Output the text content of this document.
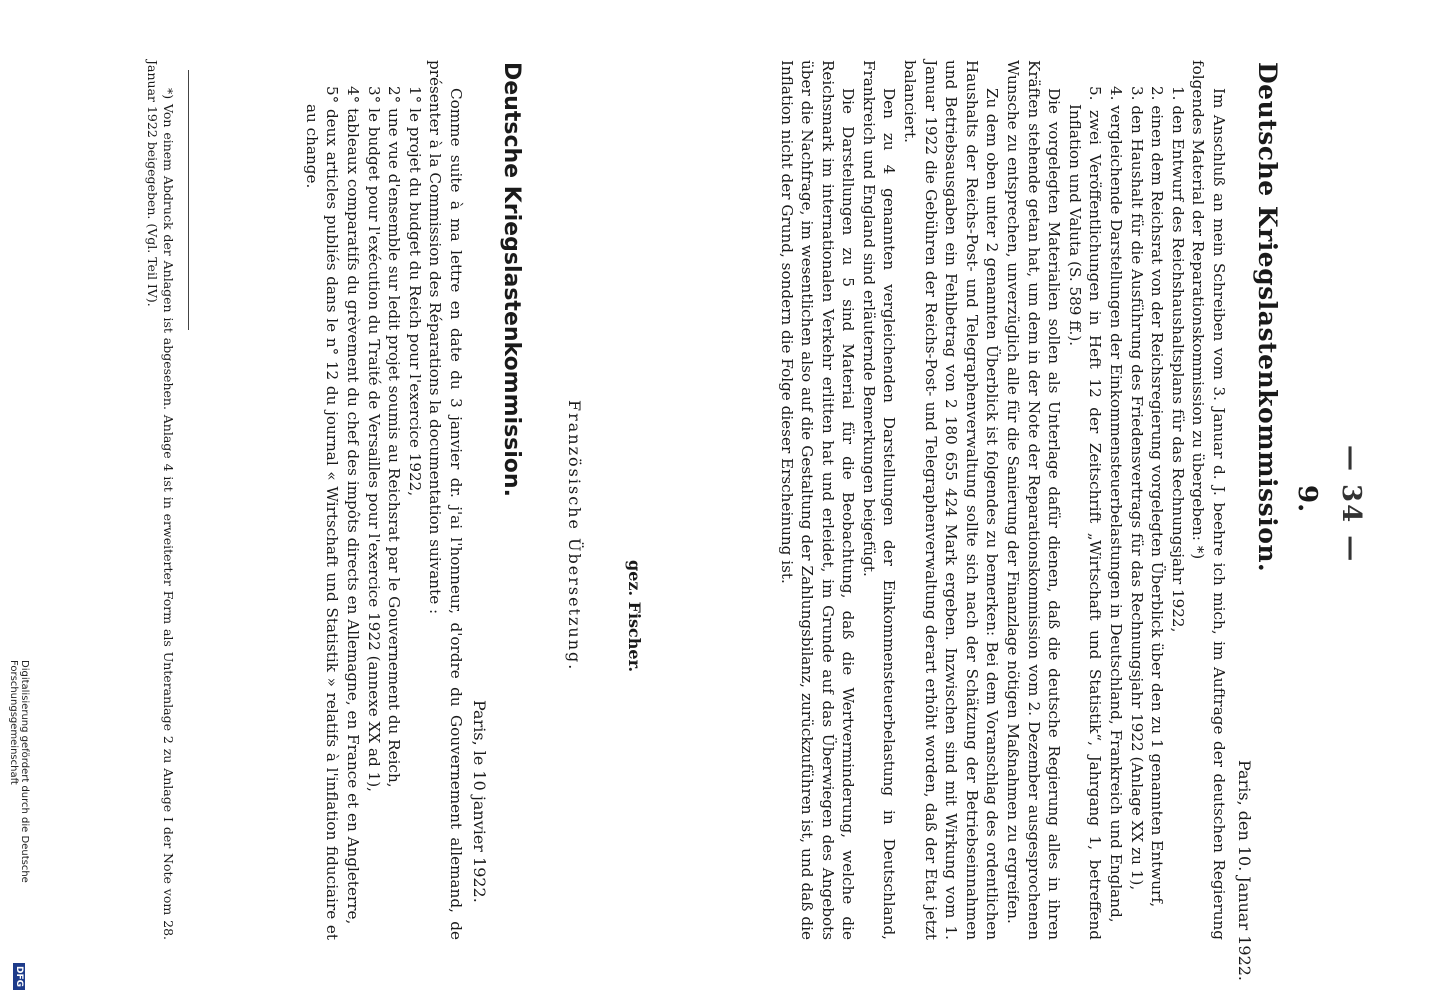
— 34 —
9.
Deutsche Kriegslastenkommission.
Paris, den 10. Januar 1922.

Im Anschluß an mein Schreiben vom 3. Januar d. J. beehre ich mich, im Auftrage der deutschen Regierung folgendes Material der Reparationskommission zu übergeben: *)

1. den Entwurf des Reichshaushaltsplans für das Rechnungsjahr 1922,
2. einen dem Reichsrat von der Reichsregierung vorgelegten Überblick über den zu 1 genannten Entwurf,
3. den Haushalt für die Ausführung des Friedensvertrags für das Rechnungsjahr 1922 (Anlage XX zu 1),
4. vergleichende Darstellungen der Einkommensteuerbelastungen in Deutschland, Frankreich und England,
5. zwei Veröffentlichungen in Heft 12 der Zeitschrift „Wirtschaft und Statistik“, Jahrgang 1, betreffend Inflation und Valuta (S. 589 ff.).

Die vorgelegten Materialien sollen als Unterlage dafür dienen, daß die deutsche Regierung alles in ihren Kräften stehende getan hat, um dem in der Note der Reparationskommission vom 2. Dezember ausgesprochenen Wunsche zu entsprechen, unverzüglich alle für die Sanierung der Finanzlage nötigen Maßnahmen zu ergreifen.

Zu dem oben unter 2 genannten Überblick ist folgendes zu bemerken: Bei dem Voranschlag des ordentlichen Haushalts der Reichs-Post- und Telegraphenverwaltung sollte sich nach der Schätzung der Betriebseinnahmen und Betriebsausgaben ein Fehlbetrag von 2 180 655 424 Mark ergeben. Inzwischen sind mit Wirkung vom 1. Januar 1922 die Gebühren der Reichs-Post- und Telegraphenverwaltung derart erhöht worden, daß der Etat jetzt balanciert.

Den zu 4 genannten vergleichenden Darstellungen der Einkommensteuerbelastung in Deutschland, Frankreich und England sind erläuternde Bemerkungen beigefügt.

Die Darstellungen zu 5 sind Material für die Beobachtung, daß die Wertverminderung, welche die Reichsmark im internationalen Verkehr erlitten hat und erleidet, im Grunde auf das Überwiegen des Angebots über die Nachfrage, im wesentlichen also auf die Gestaltung der Zahlungsbilanz, zurückzuführen ist, und daß die Inflation nicht der Grund, sondern die Folge dieser Erscheinung ist.

gez. Fischer.
Französische Übersetzung.
Deutsche Kriegslastenkommission.
Paris, le 10 janvier 1922.

Comme suite à ma lettre en date du 3 janvier dr. j'ai l'honneur, d'ordre du Gouvernement allemand, de présenter à la Commission des Réparations la documentation suivante :

1° le projet du budget du Reich pour l'exercice 1922,
2° une vue d'ensemble sur ledit projet soumis au Reichsrat par le Gouvernement du Reich,
3° le budget pour l'exécution du Traité de Versailles pour l'exercice 1922 (annexe XX ad 1),
4° tableaux comparatifs du grèvement du chef des impôts directs en Allemagne, en France et en Angleterre,
5° deux articles publiés dans le n° 12 du journal « Wirtschaft und Statistik » relatifs à l'inflation fiduciaire et au change.

*) Von einem Abdruck der Anlagen ist abgesehen. Anlage 4 ist in erweiterter Form als Unteranlage 2 zu Anlage I der Note vom 28. Januar 1922 beigegeben. (Vgl. Teil IV).

Digitalisierung gefördert durch die Deutsche Forschungsgemeinschaft
DFG
